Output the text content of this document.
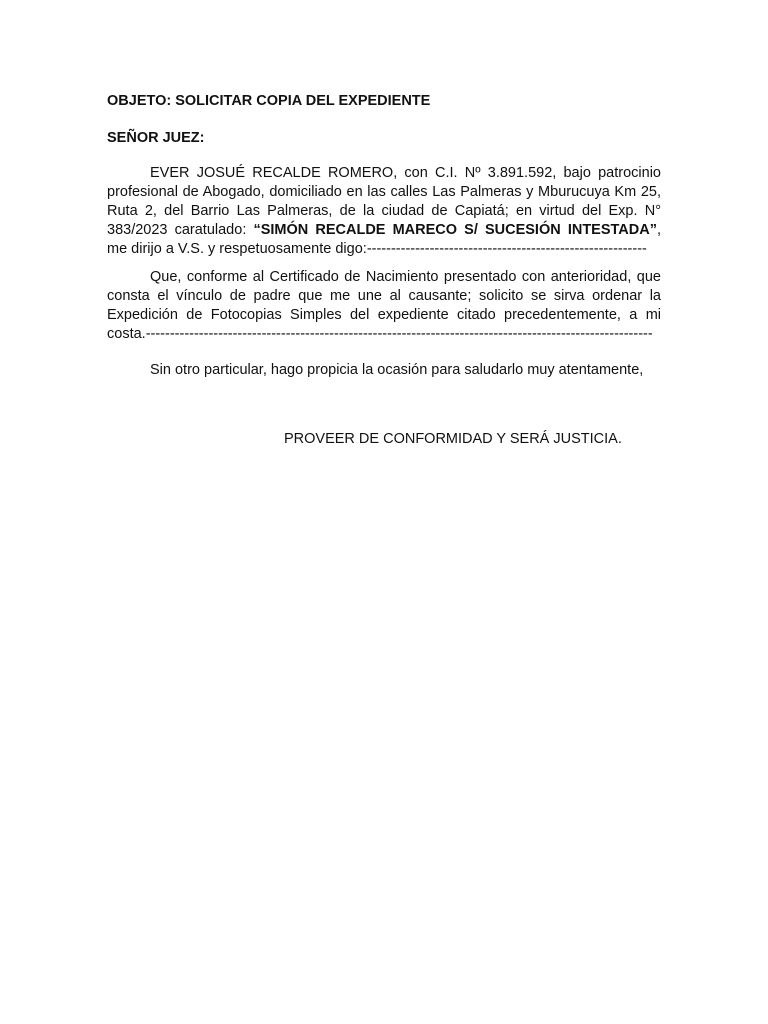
OBJETO: SOLICITAR COPIA DEL EXPEDIENTE

SEÑOR JUEZ:

EVER JOSUÉ RECALDE ROMERO, con C.I. Nº 3.891.592, bajo patrocinio profesional de Abogado, domiciliado en las calles Las Palmeras y Mburucuya Km 25, Ruta 2, del Barrio Las Palmeras, de la ciudad de Capiatá; en virtud del Exp. N° 383/2023 caratulado: “SIMÓN RECALDE MARECO S/ SUCESIÓN INTESTADA”, me dirijo a V.S. y respetuosamente digo:----------------------------------------------------------

Que, conforme al Certificado de Nacimiento presentado con anterioridad, que consta el vínculo de padre que me une al causante; solicito se sirva ordenar la Expedición de Fotocopias Simples del expediente citado precedentemente, a mi costa.---------------------------------------------------------------------------------------------------------

Sin otro particular, hago propicia la ocasión para saludarlo muy atentamente,

PROVEER DE CONFORMIDAD Y SERÁ JUSTICIA.
